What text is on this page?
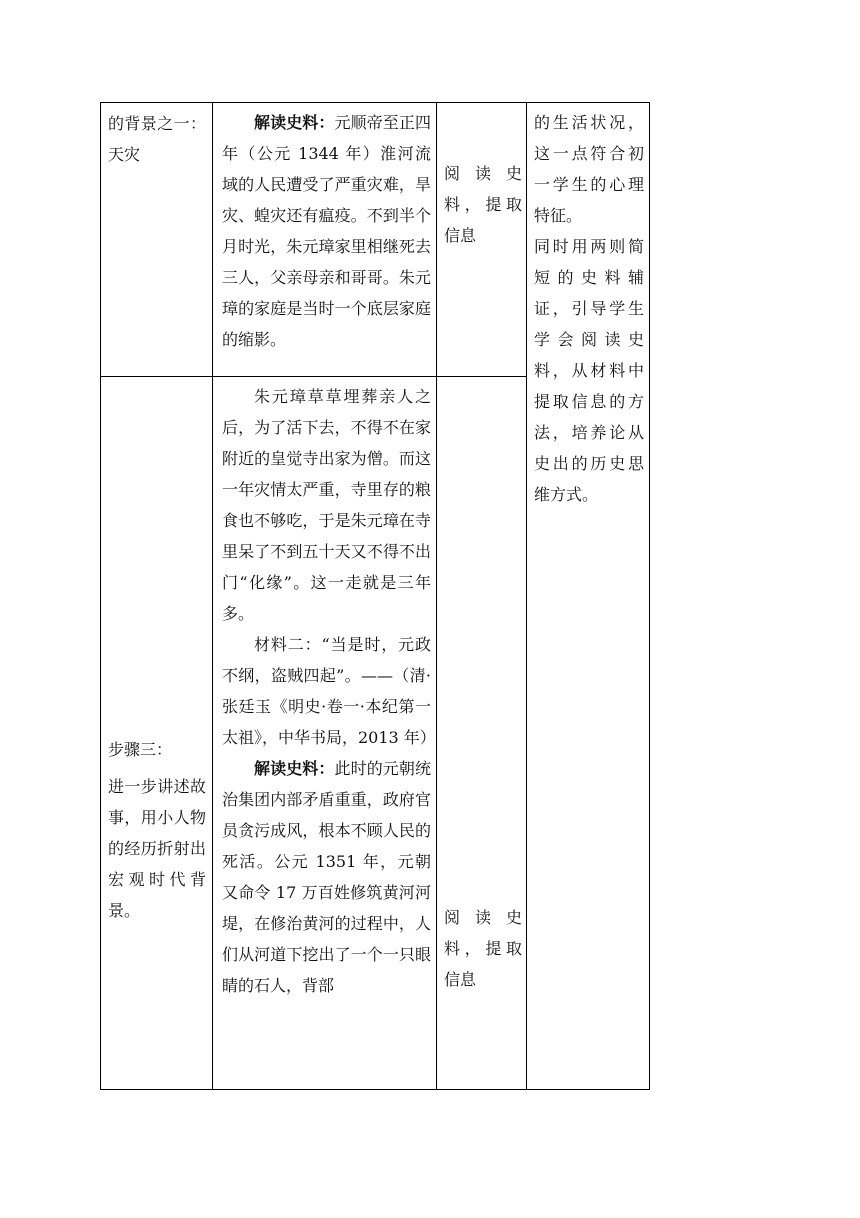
的背景之一：天灾

解读史料：元顺帝至正四年（公元 1344 年）淮河流域的人民遭受了严重灾难，旱灾、蝗灾还有瘟疫。不到半个月时光，朱元璋家里相继死去三人，父亲母亲和哥哥。朱元璋的家庭是当时一个底层家庭的缩影。

阅读史料，提取信息

的生活状况，这一点符合初一学生的心理特征。

同时用两则简短的史料辅证，引导学生学会阅读史料，从材料中提取信息的方法，培养论从史出的历史思维方式。

步骤三：

进一步讲述故事，用小人物的经历折射出宏观时代背景。

朱元璋草草埋葬亲人之后，为了活下去，不得不在家附近的皇觉寺出家为僧。而这一年灾情太严重，寺里存的粮食也不够吃，于是朱元璋在寺里呆了不到五十天又不得不出门“化缘”。这一走就是三年多。

材料二：“当是时，元政不纲，盗贼四起”。——（清·张廷玉《明史·卷一·本纪第一太祖》，中华书局，2013 年）

解读史料：此时的元朝统治集团内部矛盾重重，政府官员贪污成风，根本不顾人民的死活。公元 1351 年，元朝又命令 17 万百姓修筑黄河河堤，在修治黄河的过程中，人们从河道下挖出了一个一只眼睛的石人，背部

阅读史料，提取信息
